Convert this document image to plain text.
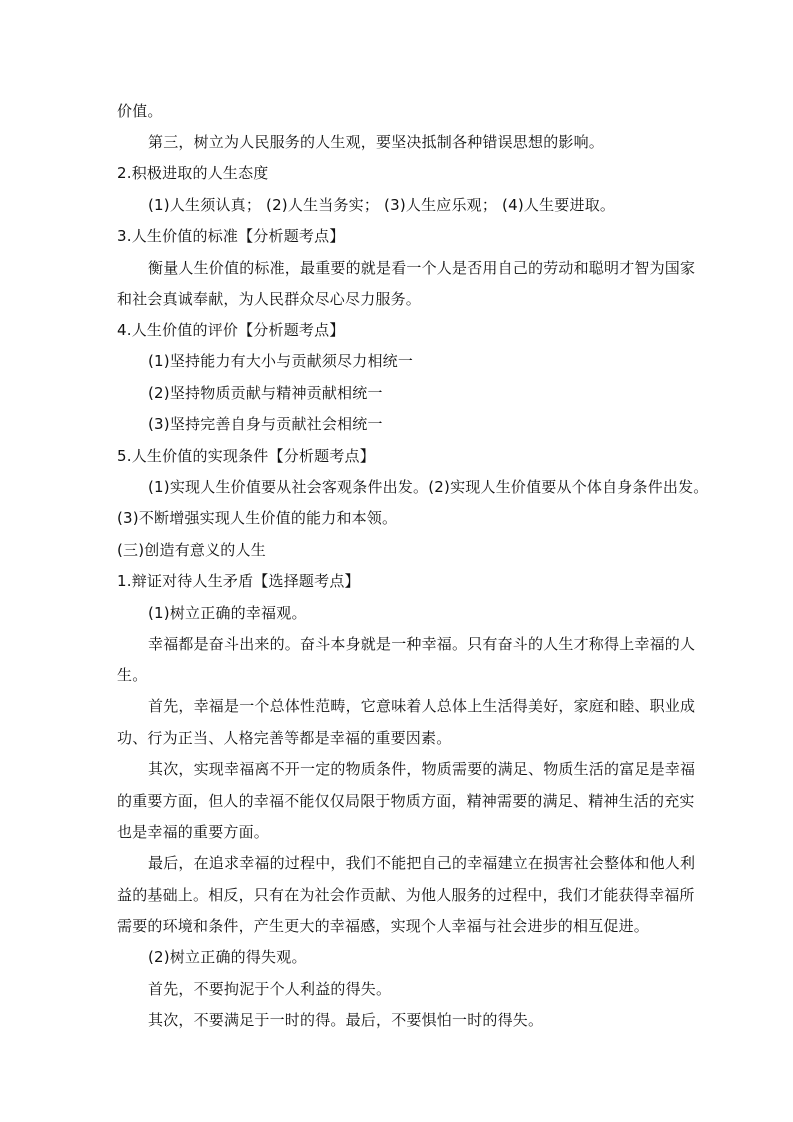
价值。
第三，树立为人民服务的人生观，要坚决抵制各种错误思想的影响。
2.积极进取的人生态度
(1)人生须认真； (2)人生当务实； (3)人生应乐观； (4)人生要进取。
3.人生价值的标准【分析题考点】
衡量人生价值的标准，最重要的就是看一个人是否用自己的劳动和聪明才智为国家
和社会真诚奉献，为人民群众尽心尽力服务。
4.人生价值的评价【分析题考点】
(1)坚持能力有大小与贡献须尽力相统一
(2)坚持物质贡献与精神贡献相统一
(3)坚持完善自身与贡献社会相统一
5.人生价值的实现条件【分析题考点】
(1)实现人生价值要从社会客观条件出发。(2)实现人生价值要从个体自身条件出发。
(3)不断增强实现人生价值的能力和本领。
(三)创造有意义的人生
1.辩证对待人生矛盾【选择题考点】
(1)树立正确的幸福观。
幸福都是奋斗出来的。奋斗本身就是一种幸福。只有奋斗的人生才称得上幸福的人
生。
首先，幸福是一个总体性范畴，它意味着人总体上生活得美好，家庭和睦、职业成
功、行为正当、人格完善等都是幸福的重要因素。
其次，实现幸福离不开一定的物质条件，物质需要的满足、物质生活的富足是幸福
的重要方面，但人的幸福不能仅仅局限于物质方面，精神需要的满足、精神生活的充实
也是幸福的重要方面。
最后，在追求幸福的过程中，我们不能把自己的幸福建立在损害社会整体和他人利
益的基础上。相反，只有在为社会作贡献、为他人服务的过程中，我们才能获得幸福所
需要的环境和条件，产生更大的幸福感，实现个人幸福与社会进步的相互促进。
(2)树立正确的得失观。
首先，不要拘泥于个人利益的得失。
其次，不要满足于一时的得。最后，不要惧怕一时的得失。
